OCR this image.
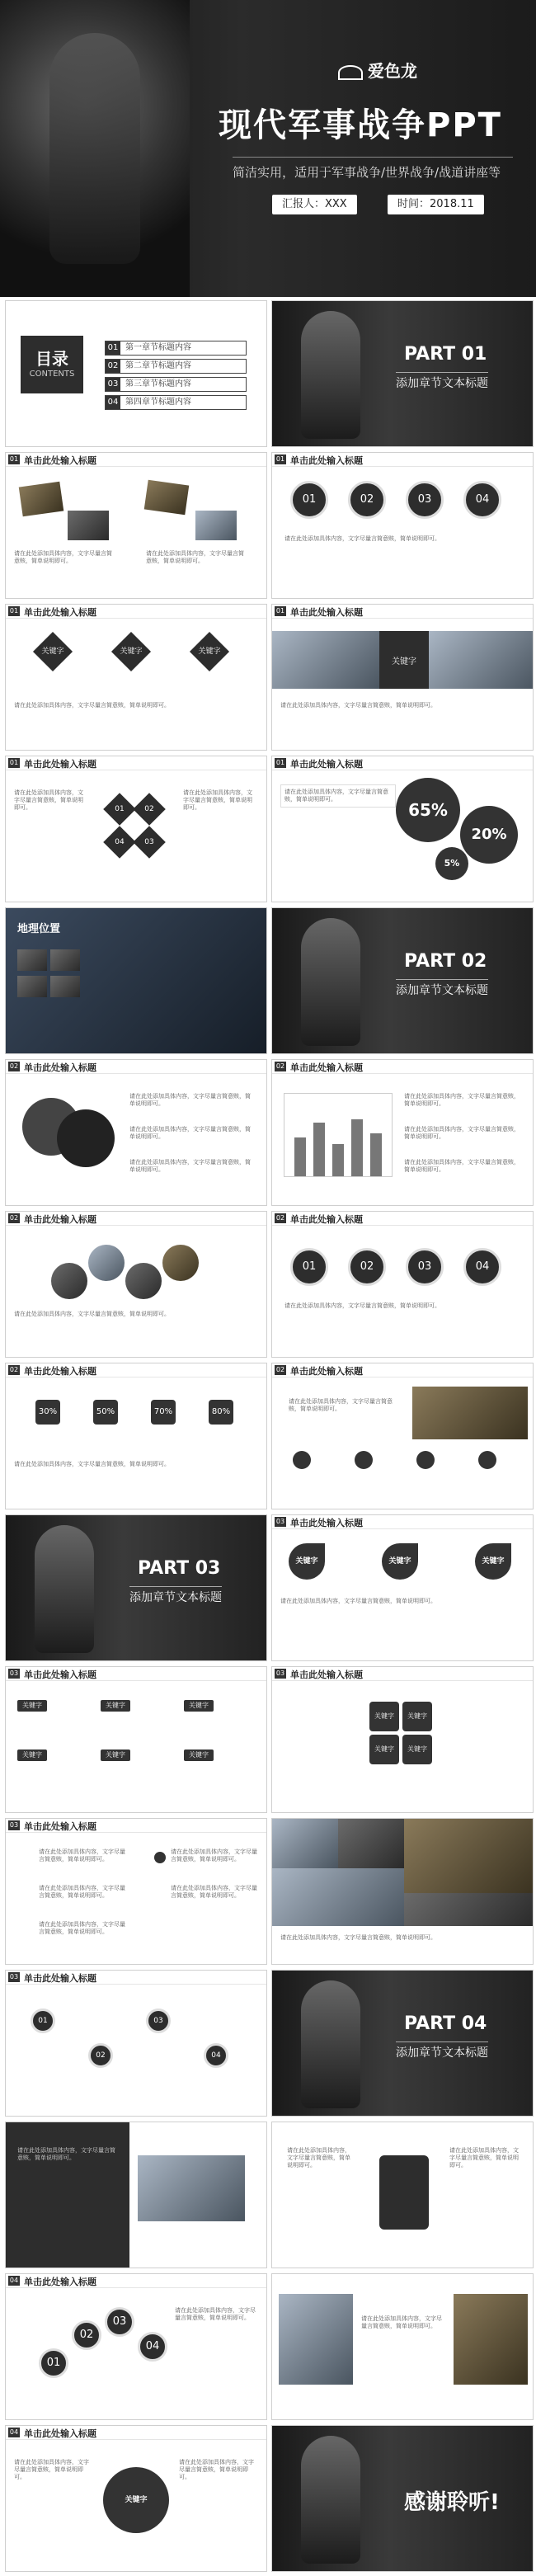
爱色龙
现代军事战争PPT
简洁实用，适用于军事战争/世界战争/战道讲座等
汇报人：XXX	时间：2018.11
目录
CONTENTS
01 第一章节标题内容
02 第二章节标题内容
03 第三章节标题内容
04 第四章节标题内容
PART 01
添加章节文本标题
01 单击此处输入标题
请在此处添加具体内容，文字尽量言简意赅，简单说明即可。
请在此处添加具体内容，文字尽量言简意赅，简单说明即可。
01 单击此处输入标题
01	02	03	04
请在此处添加具体内容，文字尽量言简意赅，简单说明即可。
01 单击此处输入标题
关键字	关键字	关键字
请在此处添加具体内容，文字尽量言简意赅，简单说明即可。
01 单击此处输入标题
关键字
请在此处添加具体内容，文字尽量言简意赅，简单说明即可。
01 单击此处输入标题
01	02
04	03
请在此处添加具体内容，文字尽量言简意赅，简单说明即可。
请在此处添加具体内容，文字尽量言简意赅，简单说明即可。
01 单击此处输入标题
请在此处添加具体内容，文字尽量言简意赅，简单说明即可。
65%
20%
5%
地理位置
PART 02
添加章节文本标题
02 单击此处输入标题
请在此处添加具体内容，文字尽量言简意赅，简单说明即可。
请在此处添加具体内容，文字尽量言简意赅，简单说明即可。
请在此处添加具体内容，文字尽量言简意赅，简单说明即可。
02 单击此处输入标题
请在此处添加具体内容，文字尽量言简意赅，简单说明即可。
请在此处添加具体内容，文字尽量言简意赅，简单说明即可。
请在此处添加具体内容，文字尽量言简意赅，简单说明即可。
02 单击此处输入标题
请在此处添加具体内容，文字尽量言简意赅，简单说明即可。
02 单击此处输入标题
01	02	03	04
请在此处添加具体内容，文字尽量言简意赅，简单说明即可。
02 单击此处输入标题
30%	50%	70%	80%
请在此处添加具体内容，文字尽量言简意赅，简单说明即可。
02 单击此处输入标题
请在此处添加具体内容，文字尽量言简意赅，简单说明即可。
PART 03
添加章节文本标题
03 单击此处输入标题
关键字	关键字	关键字
请在此处添加具体内容，文字尽量言简意赅，简单说明即可。
03 单击此处输入标题
关键字	关键字	关键字
关键字	关键字	关键字
03 单击此处输入标题
关键字	关键字
关键字	关键字
03 单击此处输入标题
请在此处添加具体内容，文字尽量言简意赅，简单说明即可。
请在此处添加具体内容，文字尽量言简意赅，简单说明即可。
请在此处添加具体内容，文字尽量言简意赅，简单说明即可。
请在此处添加具体内容，文字尽量言简意赅，简单说明即可。
请在此处添加具体内容，文字尽量言简意赅，简单说明即可。
请在此处添加具体内容，文字尽量言简意赅，简单说明即可。
03 单击此处输入标题
01
02
03
04
PART 04
添加章节文本标题
请在此处添加具体内容，文字尽量言简意赅，简单说明即可。
请在此处添加具体内容，文字尽量言简意赅，简单说明即可。
请在此处添加具体内容，文字尽量言简意赅，简单说明即可。
04 单击此处输入标题
01
02
03
04
请在此处添加具体内容，文字尽量言简意赅，简单说明即可。	请在此处添加具体内容，文字尽量言简意赅，简单说明即可。
04 单击此处输入标题
关键字
请在此处添加具体内容，文字尽量言简意赅，简单说明即可。
请在此处添加具体内容，文字尽量言简意赅，简单说明即可。
感谢聆听!
